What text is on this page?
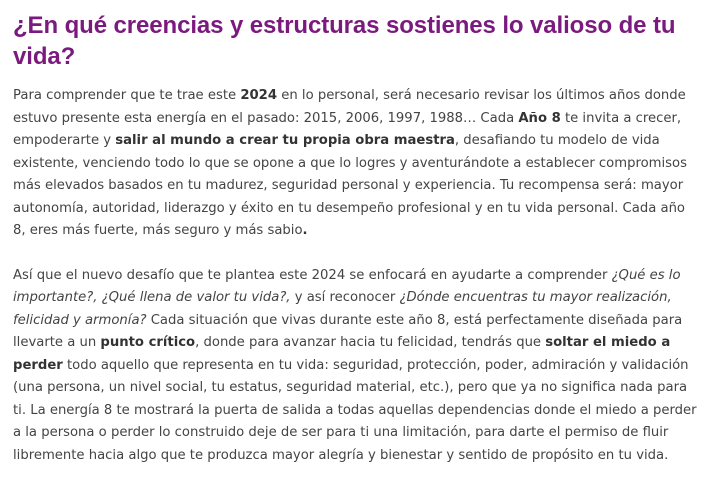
¿En qué creencias y estructuras sostienes lo valioso de tu vida?

Para comprender que te trae este 2024 en lo personal, será necesario revisar los últimos años donde estuvo presente esta energía en el pasado: 2015, 2006, 1997, 1988… Cada Año 8 te invita a crecer, empoderarte y salir al mundo a crear tu propia obra maestra, desafiando tu modelo de vida existente, venciendo todo lo que se opone a que lo logres y aventurándote a establecer compromisos más elevados basados en tu madurez, seguridad personal y experiencia. Tu recompensa será: mayor autonomía, autoridad, liderazgo y éxito en tu desempeño profesional y en tu vida personal. Cada año 8, eres más fuerte, más seguro y más sabio.

Así que el nuevo desafío que te plantea este 2024 se enfocará en ayudarte a comprender ¿Qué es lo importante?, ¿Qué llena de valor tu vida?, y así reconocer ¿Dónde encuentras tu mayor realización, felicidad y armonía? Cada situación que vivas durante este año 8, está perfectamente diseñada para llevarte a un punto crítico, donde para avanzar hacia tu felicidad, tendrás que soltar el miedo a perder todo aquello que representa en tu vida: seguridad, protección, poder, admiración y validación (una persona, un nivel social, tu estatus, seguridad material, etc.), pero que ya no significa nada para ti. La energía 8 te mostrará la puerta de salida a todas aquellas dependencias donde el miedo a perder a la persona o perder lo construido deje de ser para ti una limitación, para darte el permiso de fluir libremente hacia algo que te produzca mayor alegría y bienestar y sentido de propósito en tu vida.
